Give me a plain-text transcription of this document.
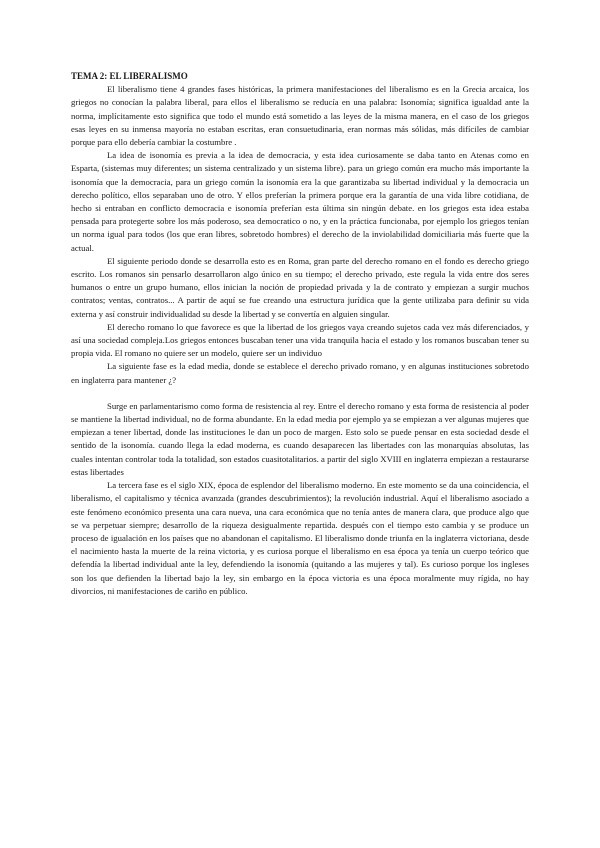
TEMA 2: EL LIBERALISMO

El liberalismo tiene 4 grandes fases históricas, la primera manifestaciones del liberalismo es en la Grecia arcaica, los griegos no conocían la palabra liberal, para ellos el liberalismo se reducía en una palabra: Isonomía; significa igualdad ante la norma, implícitamente esto significa que todo el mundo está sometido a las leyes de la misma manera, en el caso de los griegos esas leyes en su inmensa mayoría no estaban escritas, eran consuetudinaria, eran normas más sólidas, más difíciles de cambiar porque para ello debería cambiar la costumbre .

La idea de isonomía es previa a la idea de democracia, y esta idea curiosamente se daba tanto en Atenas como en Esparta, (sistemas muy diferentes; un sistema centralizado y un sistema libre). para un griego común era mucho más importante la isonomía que la democracia, para un griego común la isonomía era la que garantizaba su libertad individual y la democracia un derecho político, ellos separaban uno de otro. Y ellos preferían la primera porque era la garantía de una vida libre cotidiana, de hecho si entraban en conflicto democracia e isonomía preferían esta última sin ningún debate. en los griegos esta idea estaba pensada para protegerte sobre los más poderoso, sea democratico o no, y en la práctica funcionaba, por ejemplo los griegos tenían un norma igual para todos (los que eran libres, sobretodo hombres) el derecho de la inviolabilidad domiciliaria más fuerte que la actual.

El siguiente periodo donde se desarrolla esto es en Roma, gran parte del derecho romano en el fondo es derecho griego escrito. Los romanos sin pensarlo desarrollaron algo único en su tiempo; el derecho privado, este regula la vida entre dos seres humanos o entre un grupo humano, ellos inician la noción de propiedad privada y la de contrato y empiezan a surgir muchos contratos; ventas, contratos... A partir de aquí se fue creando una estructura jurídica que la gente utilizaba para definir su vida externa y así construir individualidad su desde la libertad y se convertía en alguien singular.

El derecho romano lo que favorece es que la libertad de los griegos vaya creando sujetos cada vez más diferenciados, y así una sociedad compleja.Los griegos entonces buscaban tener una vida tranquila hacia el estado y los romanos buscaban tener su propia vida. El romano no quiere ser un modelo, quiere ser un individuo

La siguiente fase es la edad media, donde se establece el derecho privado romano, y en algunas instituciones sobretodo en inglaterra para mantener ¿?

Surge en parlamentarismo como forma de resistencia al rey. Entre el derecho romano y esta forma de resistencia al poder se mantiene la libertad individual, no de forma abundante. En la edad media por ejemplo ya se empiezan a ver algunas mujeres que empiezan a tener libertad, donde las instituciones le dan un poco de margen. Esto solo se puede pensar en esta sociedad desde el sentido de la isonomía. cuando llega la edad moderna, es cuando desaparecen las libertades con las monarquías absolutas, las cuales intentan controlar toda la totalidad, son estados cuasitotalitarios. a partir del siglo XVIII en inglaterra empiezan a restaurarse estas libertades

La tercera fase es el siglo XIX, época de esplendor del liberalismo moderno. En este momento se da una coincidencia, el liberalismo, el capitalismo y técnica avanzada (grandes descubrimientos); la revolución industrial. Aquí el liberalismo asociado a este fenómeno económico presenta una cara nueva, una cara económica que no tenía antes de manera clara, que produce algo que se va perpetuar siempre; desarrollo de la riqueza desigualmente repartida. después con el tiempo esto cambia y se produce un proceso de igualación en los países que no abandonan el capitalismo. El liberalismo donde triunfa en la inglaterra victoriana, desde el nacimiento hasta la muerte de la reina victoria, y es curiosa porque el liberalismo en esa época ya tenía un cuerpo teórico que defendía la libertad individual ante la ley, defendiendo la isonomía (quitando a las mujeres y tal). Es curioso porque los ingleses son los que defienden la libertad bajo la ley, sin embargo en la época victoria es una época moralmente muy rígida, no hay divorcios, ni manifestaciones de cariño en público.
